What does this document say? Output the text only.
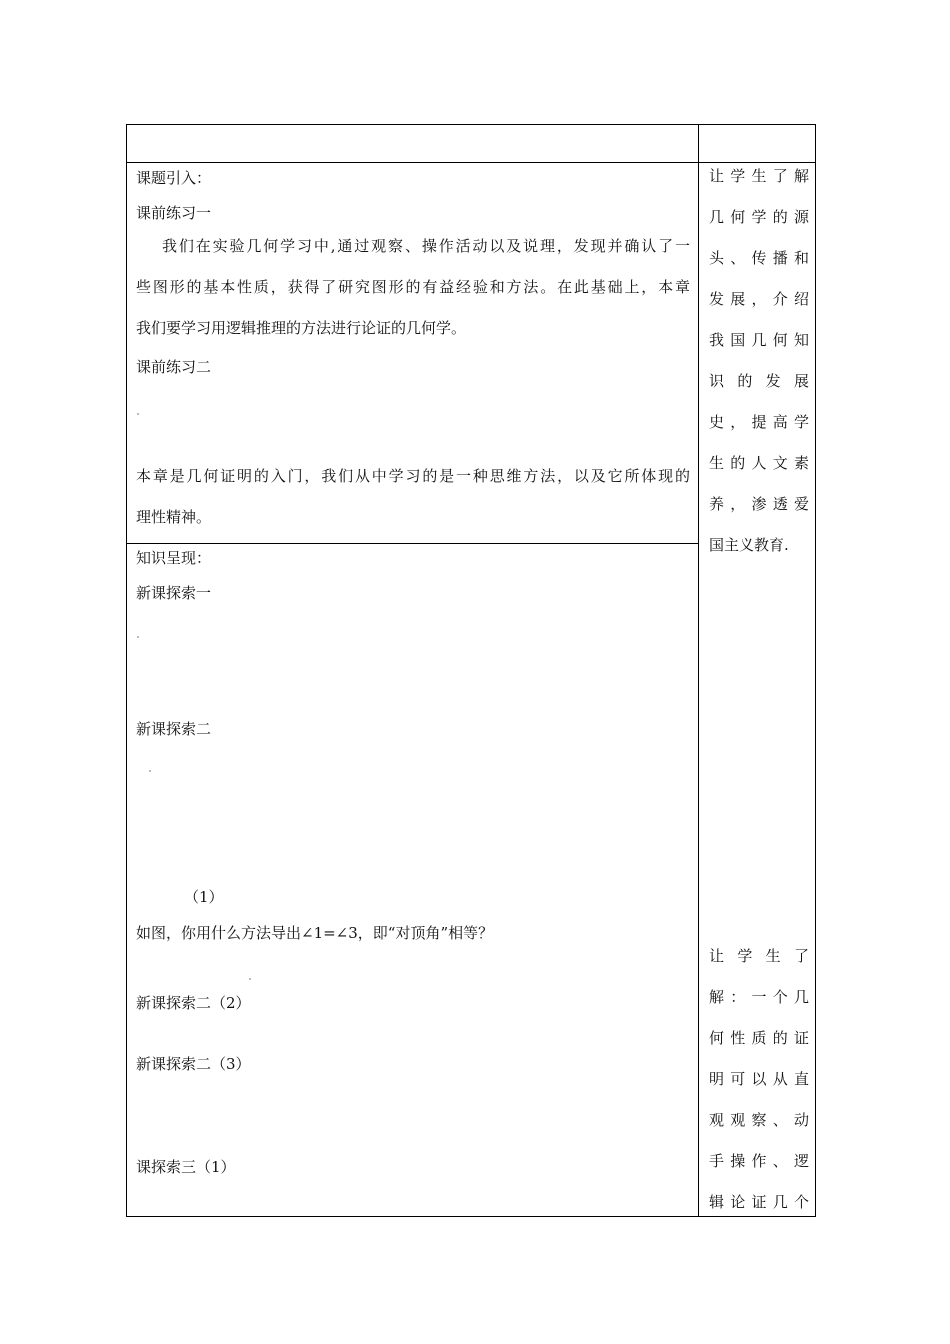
课题引入：
课前练习一
我们在实验几何学习中,通过观察、操作活动以及说理，发现并确认了一
些图形的基本性质，获得了研究图形的有益经验和方法。在此基础上，本章
我们要学习用逻辑推理的方法进行论证的几何学。
课前练习二
本章是几何证明的入门，我们从中学习的是一种思维方法，以及它所体现的
理性精神。
知识呈现：
新课探索一
新课探索二
（1）
如图，你用什么方法导出∠1=∠3，即“对顶角”相等？
新课探索二（2）
新课探索二（3）
课探索三（1）
让学生了解
几何学的源
头、传播和
发展，介绍
我国几何知
识的发展
史，提高学
生的人文素
养，渗透爱
国主义教育.
让学生了
解：一个几
何性质的证
明可以从直
观观察、动
手操作、逻
辑论证几个
